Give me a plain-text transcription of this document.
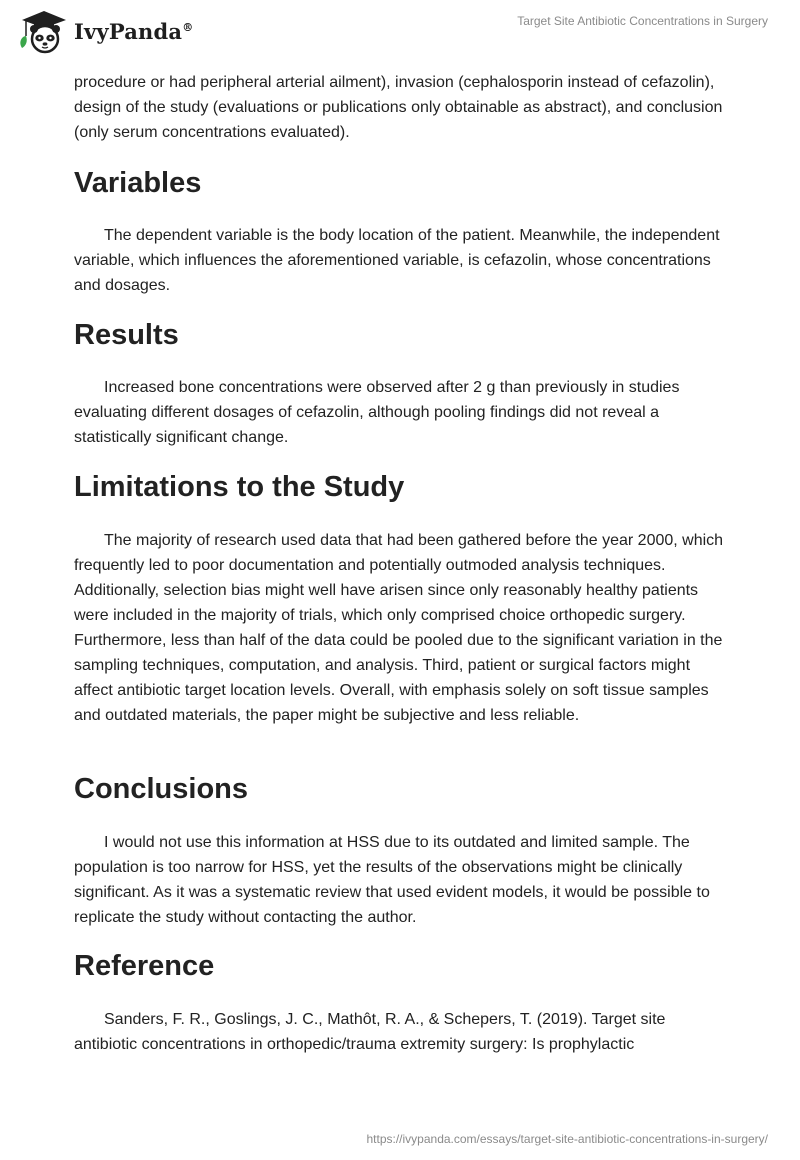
IvyPanda®	Target Site Antibiotic Concentrations in Surgery

procedure or had peripheral arterial ailment), invasion (cephalosporin instead of cefazolin), design of the study (evaluations or publications only obtainable as abstract), and conclusion (only serum concentrations evaluated).

Variables

The dependent variable is the body location of the patient. Meanwhile, the independent variable, which influences the aforementioned variable, is cefazolin, whose concentrations and dosages.

Results

Increased bone concentrations were observed after 2 g than previously in studies evaluating different dosages of cefazolin, although pooling findings did not reveal a statistically significant change.

Limitations to the Study

The majority of research used data that had been gathered before the year 2000, which frequently led to poor documentation and potentially outmoded analysis techniques. Additionally, selection bias might well have arisen since only reasonably healthy patients were included in the majority of trials, which only comprised choice orthopedic surgery. Furthermore, less than half of the data could be pooled due to the significant variation in the sampling techniques, computation, and analysis. Third, patient or surgical factors might affect antibiotic target location levels. Overall, with emphasis solely on soft tissue samples and outdated materials, the paper might be subjective and less reliable.

Conclusions

I would not use this information at HSS due to its outdated and limited sample. The population is too narrow for HSS, yet the results of the observations might be clinically significant. As it was a systematic review that used evident models, it would be possible to replicate the study without contacting the author.

Reference

Sanders, F. R., Goslings, J. C., Mathôt, R. A., & Schepers, T. (2019). Target site antibiotic concentrations in orthopedic/trauma extremity surgery: Is prophylactic

https://ivypanda.com/essays/target-site-antibiotic-concentrations-in-surgery/
